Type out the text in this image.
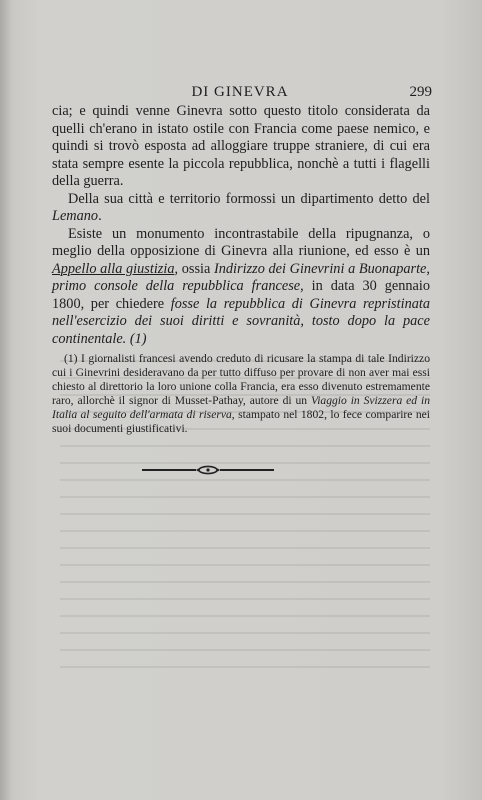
DI GINEVRA	299

cia; e quindi venne Ginevra sotto questo titolo considerata da quelli ch'erano in istato ostile con Francia come paese nemico, e quindi si trovò esposta ad alloggiare truppe straniere, di cui era stata sempre esente la piccola repubblica, nonchè a tutti i flagelli della guerra.

Della sua città e territorio formossi un dipartimento detto del Lemano.

Esiste un monumento incontrastabile della ripugnanza, o meglio della opposizione di Ginevra alla riunione, ed esso è un Appello alla giustizia, ossia Indirizzo dei Ginevrini a Buonaparte, primo console della repubblica francese, in data 30 gennaio 1800, per chiedere fosse la repubblica di Ginevra repristinata nell'esercizio dei suoi diritti e sovranità, tosto dopo la pace continentale. (1)

(1) I giornalisti francesi avendo creduto di ricusare la stampa di tale Indirizzo cui i Ginevrini desideravano da per tutto diffuso per provare di non aver mai essi chiesto al direttorio la loro unione colla Francia, era esso divenuto estremamente raro, allorchè il signor di Musset-Pathay, autore di un Viaggio in Svizzera ed in Italia al seguito dell'armata di riserva, stampato nel 1802, lo fece comparire nei suoi documenti giustificativi.
